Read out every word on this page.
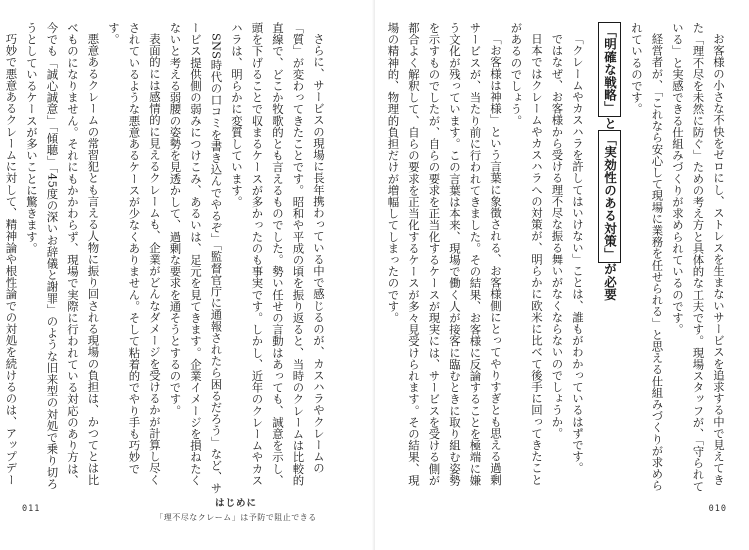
さらに、サービスの現場に長年携わっている中で感じるのが、カスハラやクレームの「質」が変わってきたことです。昭和や平成の頃を振り返ると、当時のクレームは比較的直線で、どこか牧歌的とも言えるものでした。勢い任せの言動はあっても、誠意を示し、頭を下げることで収まるケースが多かったのも事実です。しかし、近年のクレームやカスハラは、明らかに変質しています。

SNS時代の口コミを書き込んでやるぞ」「監督官庁に通報されたら困るだろう」など、サービス提供側の弱みにつけこみ、あるいは、足元を見てきます。企業イメージを損ねたくないと考える弱腰の姿勢を見透かして、過剰な要求を通そうとするのです。

表面的には感情的に見えるクレームも、企業がどんなダメージを受けるかが計算し尽くされているような悪意あるケースが少なくありません。そして粘着的でやり手も巧妙です。

悪意あるクレームの常習犯とも言える人物に振り回される現場の負担は、かつてとは比べものになりません。それにもかかわらず、現場で実際に行われている対応のあり方は、今でも「誠心誠意」「傾聴」「45度の深いお辞儀と謝罪」のような旧来型の対処で乗り切ろうとしているケースが多いことに驚きます。

巧妙で悪意あるクレームに対して、精神論や根性論での対処を続けるのは、アップデー

011	はじめに
「理不尽なクレーム」は予防で阻止できる

お客様の小さな不快をゼロにし、ストレスを生まないサービスを追求する中で見えてきた「理不尽を未然に防ぐ」ための考え方と具体的な工夫です。現場スタッフが、「守られている」と実感できる仕組みづくりが求められているのです。

経営者が、「これなら安心して現場に業務を任せられる」と思える仕組みづくりが求められているのです。

「明確な戦略」と「実効性のある対策」が必要

「クレームやカスハラを許してはいけない」ことは、誰もがわかっているはずです。

ではなぜ、お客様から受ける理不尽な振る舞いがなくならないのでしょうか。

日本ではクレームやカスハラへの対策が、明らかに欧米に比べて後手に回ってきたことがあるのでしょう。

「お客様は神様」という言葉に象徴される、お客様側にとってやりすぎとも思える過剰サービスが、当たり前に行われてきました。その結果、お客様に反論することを極端に嫌う文化が残っています。この言葉は本来、現場で働く人が接客に臨むときに取り組む姿勢を示すものでしたが、自らの要求を正当化するケースが現実には、サービスを受ける側が都合よく解釈して、自らの要求を正当化するケースが多々見受けられます。その結果、現場の精神的、物理的負担だけが増幅してしまったのです。

010
